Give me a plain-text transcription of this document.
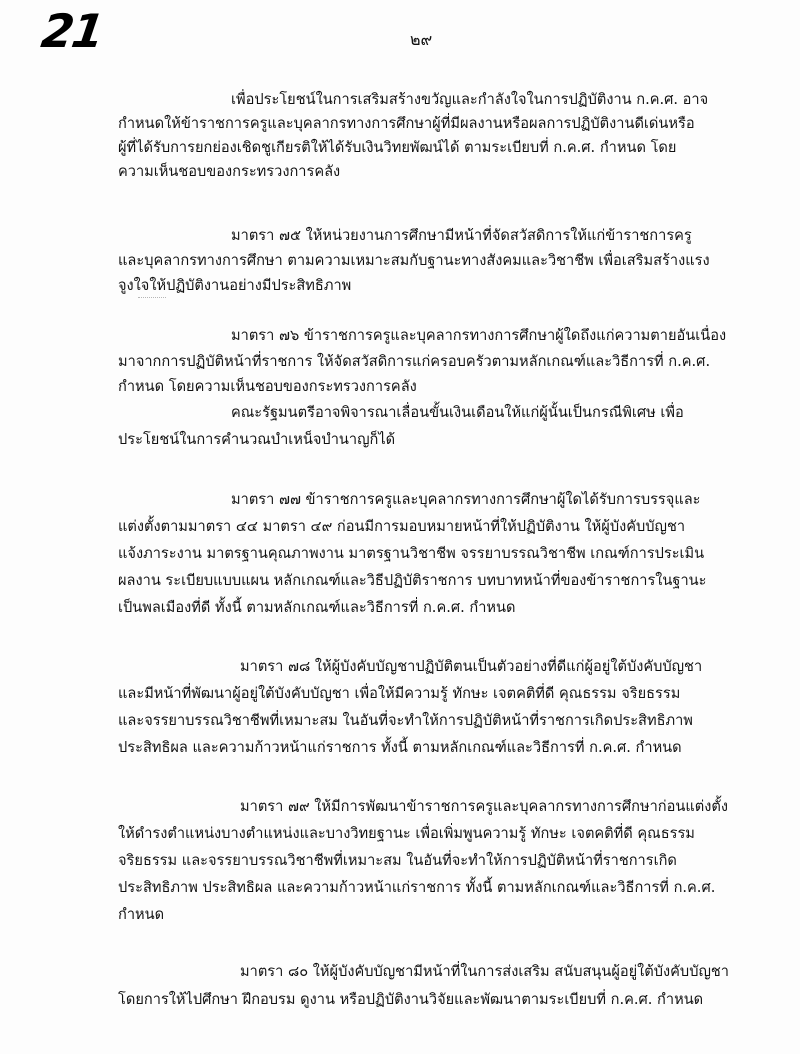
21	๒๙
เพื่อประโยชน์ในการเสริมสร้างขวัญและกำลังใจในการปฏิบัติงาน ก.ค.ศ. อาจ
กำหนดให้ข้าราชการครูและบุคลากรทางการศึกษาผู้ที่มีผลงานหรือผลการปฏิบัติงานดีเด่นหรือ
ผู้ที่ได้รับการยกย่องเชิดชูเกียรติให้ได้รับเงินวิทยพัฒน์ได้ ตามระเบียบที่ ก.ค.ศ. กำหนด โดย
ความเห็นชอบของกระทรวงการคลัง
มาตรา ๗๕ ให้หน่วยงานการศึกษามีหน้าที่จัดสวัสดิการให้แก่ข้าราชการครู
และบุคลากรทางการศึกษา ตามความเหมาะสมกับฐานะทางสังคมและวิชาชีพ เพื่อเสริมสร้างแรง
จูงใจให้ปฏิบัติงานอย่างมีประสิทธิภาพ
มาตรา ๗๖ ข้าราชการครูและบุคลากรทางการศึกษาผู้ใดถึงแก่ความตายอันเนื่อง
มาจากการปฏิบัติหน้าที่ราชการ ให้จัดสวัสดิการแก่ครอบครัวตามหลักเกณฑ์และวิธีการที่ ก.ค.ศ.
กำหนด โดยความเห็นชอบของกระทรวงการคลัง
คณะรัฐมนตรีอาจพิจารณาเลื่อนขั้นเงินเดือนให้แก่ผู้นั้นเป็นกรณีพิเศษ เพื่อ
ประโยชน์ในการคำนวณบำเหน็จบำนาญก็ได้
มาตรา ๗๗ ข้าราชการครูและบุคลากรทางการศึกษาผู้ใดได้รับการบรรจุและ
แต่งตั้งตามมาตรา ๔๔ มาตรา ๔๙ ก่อนมีการมอบหมายหน้าที่ให้ปฏิบัติงาน ให้ผู้บังคับบัญชา
แจ้งภาระงาน มาตรฐานคุณภาพงาน มาตรฐานวิชาชีพ จรรยาบรรณวิชาชีพ เกณฑ์การประเมิน
ผลงาน ระเบียบแบบแผน หลักเกณฑ์และวิธีปฏิบัติราชการ บทบาทหน้าที่ของข้าราชการในฐานะ
เป็นพลเมืองที่ดี ทั้งนี้ ตามหลักเกณฑ์และวิธีการที่ ก.ค.ศ. กำหนด
มาตรา ๗๘ ให้ผู้บังคับบัญชาปฏิบัติตนเป็นตัวอย่างที่ดีแก่ผู้อยู่ใต้บังคับบัญชา
และมีหน้าที่พัฒนาผู้อยู่ใต้บังคับบัญชา เพื่อให้มีความรู้ ทักษะ เจตคติที่ดี คุณธรรม จริยธรรม
และจรรยาบรรณวิชาชีพที่เหมาะสม ในอันที่จะทำให้การปฏิบัติหน้าที่ราชการเกิดประสิทธิภาพ
ประสิทธิผล และความก้าวหน้าแก่ราชการ ทั้งนี้ ตามหลักเกณฑ์และวิธีการที่ ก.ค.ศ. กำหนด
มาตรา ๗๙ ให้มีการพัฒนาข้าราชการครูและบุคลากรทางการศึกษาก่อนแต่งตั้ง
ให้ดำรงตำแหน่งบางตำแหน่งและบางวิทยฐานะ เพื่อเพิ่มพูนความรู้ ทักษะ เจตคติที่ดี คุณธรรม
จริยธรรม และจรรยาบรรณวิชาชีพที่เหมาะสม ในอันที่จะทำให้การปฏิบัติหน้าที่ราชการเกิด
ประสิทธิภาพ ประสิทธิผล และความก้าวหน้าแก่ราชการ ทั้งนี้ ตามหลักเกณฑ์และวิธีการที่ ก.ค.ศ.
กำหนด
มาตรา ๘๐ ให้ผู้บังคับบัญชามีหน้าที่ในการส่งเสริม สนับสนุนผู้อยู่ใต้บังคับบัญชา
โดยการให้ไปศึกษา ฝึกอบรม ดูงาน หรือปฏิบัติงานวิจัยและพัฒนาตามระเบียบที่ ก.ค.ศ. กำหนด
